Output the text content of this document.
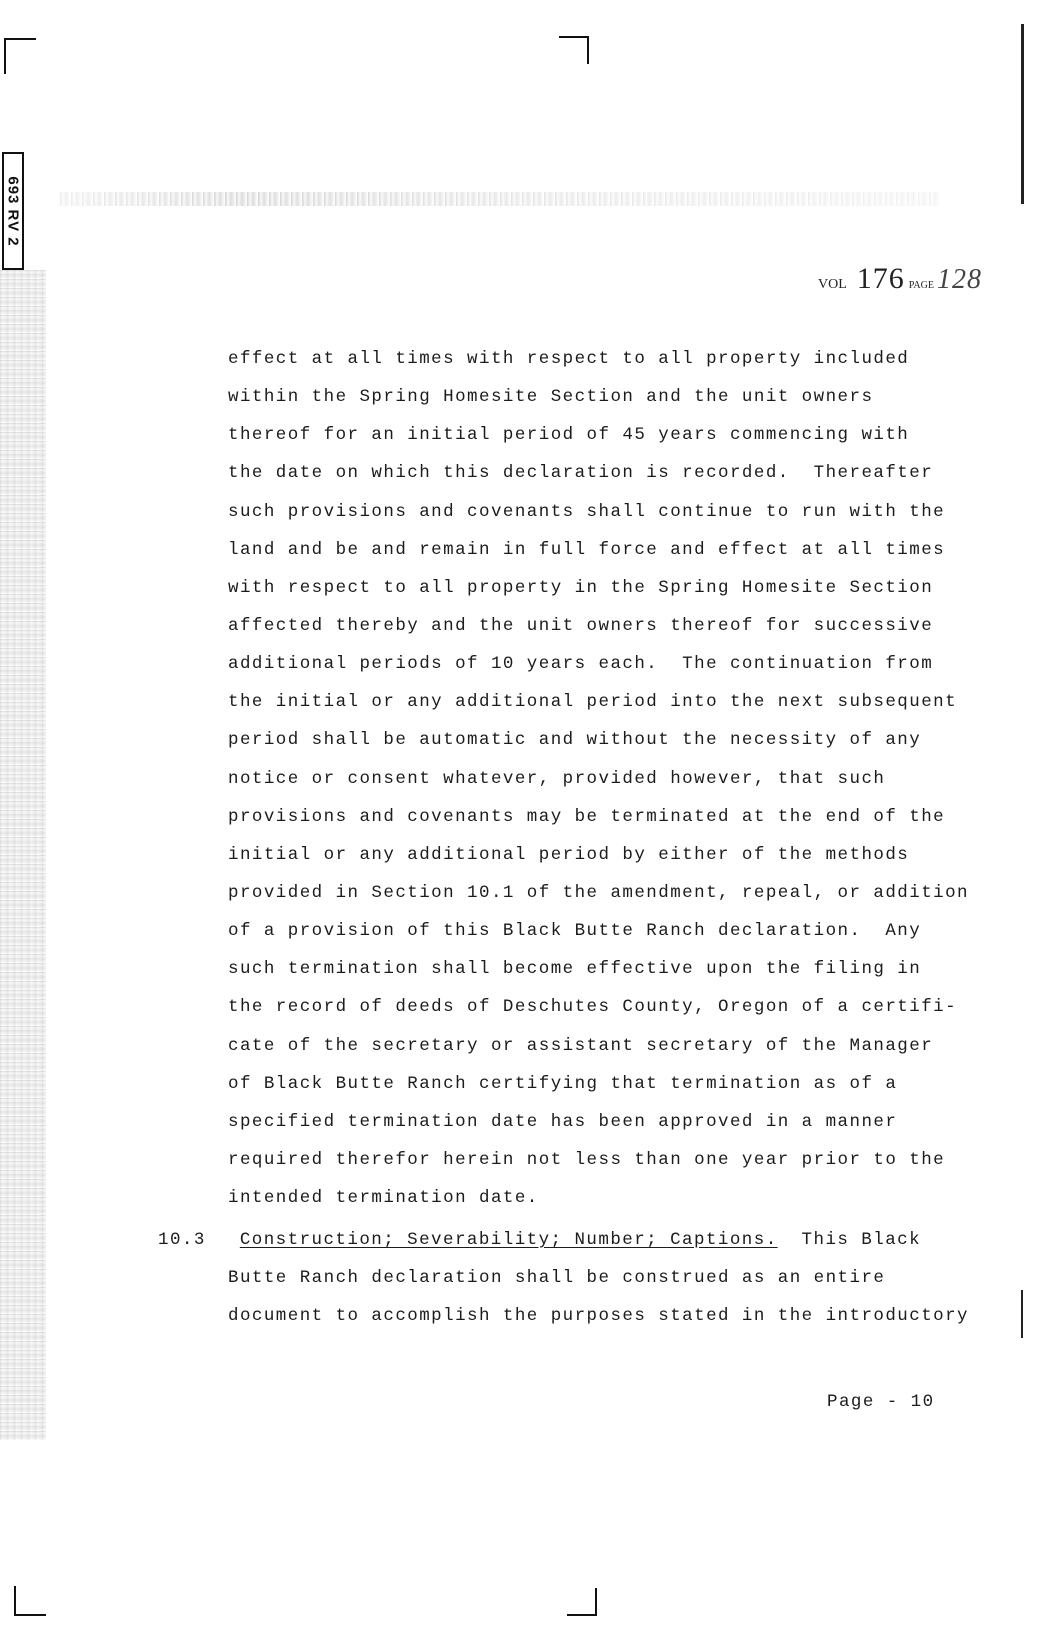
693 RV 2
VOL 176 PAGE 128
effect at all times with respect to all property included
within the Spring Homesite Section and the unit owners
thereof for an initial period of 45 years commencing with
the date on which this declaration is recorded.  Thereafter
such provisions and covenants shall continue to run with the
land and be and remain in full force and effect at all times
with respect to all property in the Spring Homesite Section
affected thereby and the unit owners thereof for successive
additional periods of 10 years each.  The continuation from
the initial or any additional period into the next subsequent
period shall be automatic and without the necessity of any
notice or consent whatever, provided however, that such
provisions and covenants may be terminated at the end of the
initial or any additional period by either of the methods
provided in Section 10.1 of the amendment, repeal, or addition
of a provision of this Black Butte Ranch declaration.  Any
such termination shall become effective upon the filing in
the record of deeds of Deschutes County, Oregon of a certifi-
cate of the secretary or assistant secretary of the Manager
of Black Butte Ranch certifying that termination as of a
specified termination date has been approved in a manner
required therefor herein not less than one year prior to the
intended termination date.
10.3 Construction; Severability; Number; Captions.  This Black
Butte Ranch declaration shall be construed as an entire
document to accomplish the purposes stated in the introductory
Page - 10
